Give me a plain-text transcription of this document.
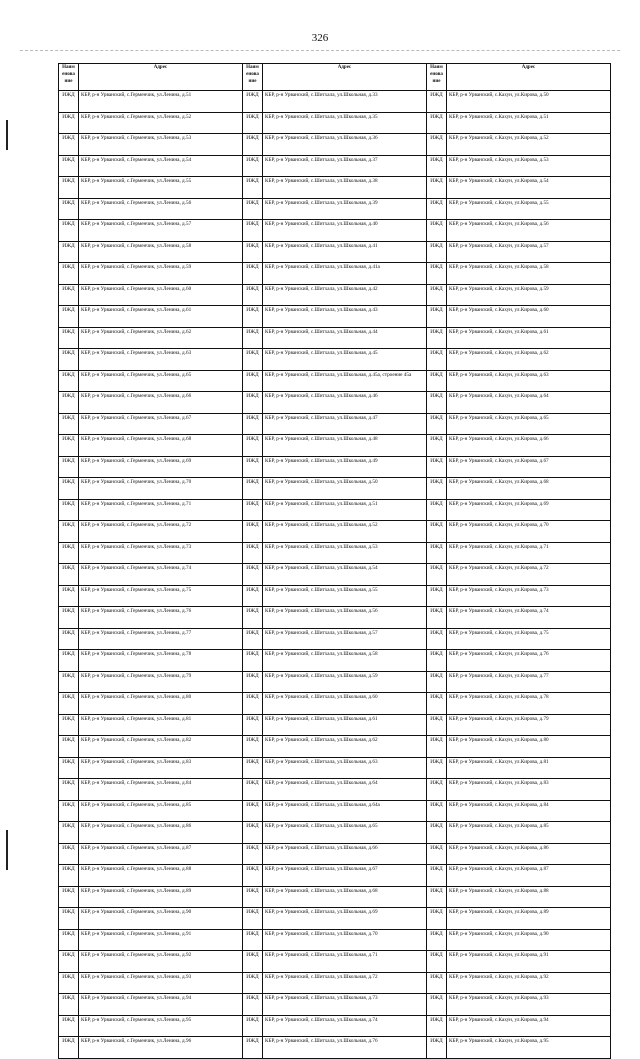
326
Наим енова ние	Адрес	Наим енова ние	Адрес	Наим енова ние	Адрес
ИЖД	КБР, р-н Урванский, с.Герменчик, ул.Ленина, д.51	ИЖД	КБР, р-н Урванский, с.Шитхала, ул.Школьная, д.33	ИЖД	КБР, р-н Урванский, с.Кахун, ул.Кирова, д.50
ИЖД	КБР, р-н Урванский, с.Герменчик, ул.Ленина, д.52	ИЖД	КБР, р-н Урванский, с.Шитхала, ул.Школьная, д.35	ИЖД	КБР, р-н Урванский, с.Кахун, ул.Кирова, д.51
ИЖД	КБР, р-н Урванский, с.Герменчик, ул.Ленина, д.53	ИЖД	КБР, р-н Урванский, с.Шитхала, ул.Школьная, д.36	ИЖД	КБР, р-н Урванский, с.Кахун, ул.Кирова, д.52
ИЖД	КБР, р-н Урванский, с.Герменчик, ул.Ленина, д.54	ИЖД	КБР, р-н Урванский, с.Шитхала, ул.Школьная, д.37	ИЖД	КБР, р-н Урванский, с.Кахун, ул.Кирова, д.53
ИЖД	КБР, р-н Урванский, с.Герменчик, ул.Ленина, д.55	ИЖД	КБР, р-н Урванский, с.Шитхала, ул.Школьная, д.38	ИЖД	КБР, р-н Урванский, с.Кахун, ул.Кирова, д.54
ИЖД	КБР, р-н Урванский, с.Герменчик, ул.Ленина, д.56	ИЖД	КБР, р-н Урванский, с.Шитхала, ул.Школьная, д.39	ИЖД	КБР, р-н Урванский, с.Кахун, ул.Кирова, д.55
ИЖД	КБР, р-н Урванский, с.Герменчик, ул.Ленина, д.57	ИЖД	КБР, р-н Урванский, с.Шитхала, ул.Школьная, д.40	ИЖД	КБР, р-н Урванский, с.Кахун, ул.Кирова, д.56
ИЖД	КБР, р-н Урванский, с.Герменчик, ул.Ленина, д.58	ИЖД	КБР, р-н Урванский, с.Шитхала, ул.Школьная, д.41	ИЖД	КБР, р-н Урванский, с.Кахун, ул.Кирова, д.57
ИЖД	КБР, р-н Урванский, с.Герменчик, ул.Ленина, д.59	ИЖД	КБР, р-н Урванский, с.Шитхала, ул.Школьная, д.41а	ИЖД	КБР, р-н Урванский, с.Кахун, ул.Кирова, д.58
ИЖД	КБР, р-н Урванский, с.Герменчик, ул.Ленина, д.60	ИЖД	КБР, р-н Урванский, с.Шитхала, ул.Школьная, д.42	ИЖД	КБР, р-н Урванский, с.Кахун, ул.Кирова, д.59
ИЖД	КБР, р-н Урванский, с.Герменчик, ул.Ленина, д.61	ИЖД	КБР, р-н Урванский, с.Шитхала, ул.Школьная, д.43	ИЖД	КБР, р-н Урванский, с.Кахун, ул.Кирова, д.60
ИЖД	КБР, р-н Урванский, с.Герменчик, ул.Ленина, д.62	ИЖД	КБР, р-н Урванский, с.Шитхала, ул.Школьная, д.44	ИЖД	КБР, р-н Урванский, с.Кахун, ул.Кирова, д.61
ИЖД	КБР, р-н Урванский, с.Герменчик, ул.Ленина, д.63	ИЖД	КБР, р-н Урванский, с.Шитхала, ул.Школьная, д.45	ИЖД	КБР, р-н Урванский, с.Кахун, ул.Кирова, д.62
ИЖД	КБР, р-н Урванский, с.Герменчик, ул.Ленина, д.65	ИЖД	КБР, р-н Урванский, с.Шитхала, ул.Школьная, д.45а, строение 45а	ИЖД	КБР, р-н Урванский, с.Кахун, ул.Кирова, д.63
ИЖД	КБР, р-н Урванский, с.Герменчик, ул.Ленина, д.66	ИЖД	КБР, р-н Урванский, с.Шитхала, ул.Школьная, д.46	ИЖД	КБР, р-н Урванский, с.Кахун, ул.Кирова, д.64
ИЖД	КБР, р-н Урванский, с.Герменчик, ул.Ленина, д.67	ИЖД	КБР, р-н Урванский, с.Шитхала, ул.Школьная, д.47	ИЖД	КБР, р-н Урванский, с.Кахун, ул.Кирова, д.65
ИЖД	КБР, р-н Урванский, с.Герменчик, ул.Ленина, д.68	ИЖД	КБР, р-н Урванский, с.Шитхала, ул.Школьная, д.48	ИЖД	КБР, р-н Урванский, с.Кахун, ул.Кирова, д.66
ИЖД	КБР, р-н Урванский, с.Герменчик, ул.Ленина, д.69	ИЖД	КБР, р-н Урванский, с.Шитхала, ул.Школьная, д.49	ИЖД	КБР, р-н Урванский, с.Кахун, ул.Кирова, д.67
ИЖД	КБР, р-н Урванский, с.Герменчик, ул.Ленина, д.70	ИЖД	КБР, р-н Урванский, с.Шитхала, ул.Школьная, д.50	ИЖД	КБР, р-н Урванский, с.Кахун, ул.Кирова, д.68
ИЖД	КБР, р-н Урванский, с.Герменчик, ул.Ленина, д.71	ИЖД	КБР, р-н Урванский, с.Шитхала, ул.Школьная, д.51	ИЖД	КБР, р-н Урванский, с.Кахун, ул.Кирова, д.69
ИЖД	КБР, р-н Урванский, с.Герменчик, ул.Ленина, д.72	ИЖД	КБР, р-н Урванский, с.Шитхала, ул.Школьная, д.52	ИЖД	КБР, р-н Урванский, с.Кахун, ул.Кирова, д.70
ИЖД	КБР, р-н Урванский, с.Герменчик, ул.Ленина, д.73	ИЖД	КБР, р-н Урванский, с.Шитхала, ул.Школьная, д.53	ИЖД	КБР, р-н Урванский, с.Кахун, ул.Кирова, д.71
ИЖД	КБР, р-н Урванский, с.Герменчик, ул.Ленина, д.74	ИЖД	КБР, р-н Урванский, с.Шитхала, ул.Школьная, д.54	ИЖД	КБР, р-н Урванский, с.Кахун, ул.Кирова, д.72
ИЖД	КБР, р-н Урванский, с.Герменчик, ул.Ленина, д.75	ИЖД	КБР, р-н Урванский, с.Шитхала, ул.Школьная, д.55	ИЖД	КБР, р-н Урванский, с.Кахун, ул.Кирова, д.73
ИЖД	КБР, р-н Урванский, с.Герменчик, ул.Ленина, д.76	ИЖД	КБР, р-н Урванский, с.Шитхала, ул.Школьная, д.56	ИЖД	КБР, р-н Урванский, с.Кахун, ул.Кирова, д.74
ИЖД	КБР, р-н Урванский, с.Герменчик, ул.Ленина, д.77	ИЖД	КБР, р-н Урванский, с.Шитхала, ул.Школьная, д.57	ИЖД	КБР, р-н Урванский, с.Кахун, ул.Кирова, д.75
ИЖД	КБР, р-н Урванский, с.Герменчик, ул.Ленина, д.78	ИЖД	КБР, р-н Урванский, с.Шитхала, ул.Школьная, д.58	ИЖД	КБР, р-н Урванский, с.Кахун, ул.Кирова, д.76
ИЖД	КБР, р-н Урванский, с.Герменчик, ул.Ленина, д.79	ИЖД	КБР, р-н Урванский, с.Шитхала, ул.Школьная, д.59	ИЖД	КБР, р-н Урванский, с.Кахун, ул.Кирова, д.77
ИЖД	КБР, р-н Урванский, с.Герменчик, ул.Ленина, д.80	ИЖД	КБР, р-н Урванский, с.Шитхала, ул.Школьная, д.60	ИЖД	КБР, р-н Урванский, с.Кахун, ул.Кирова, д.78
ИЖД	КБР, р-н Урванский, с.Герменчик, ул.Ленина, д.81	ИЖД	КБР, р-н Урванский, с.Шитхала, ул.Школьная, д.61	ИЖД	КБР, р-н Урванский, с.Кахун, ул.Кирова, д.79
ИЖД	КБР, р-н Урванский, с.Герменчик, ул.Ленина, д.82	ИЖД	КБР, р-н Урванский, с.Шитхала, ул.Школьная, д.62	ИЖД	КБР, р-н Урванский, с.Кахун, ул.Кирова, д.80
ИЖД	КБР, р-н Урванский, с.Герменчик, ул.Ленина, д.83	ИЖД	КБР, р-н Урванский, с.Шитхала, ул.Школьная, д.63	ИЖД	КБР, р-н Урванский, с.Кахун, ул.Кирова, д.81
ИЖД	КБР, р-н Урванский, с.Герменчик, ул.Ленина, д.84	ИЖД	КБР, р-н Урванский, с.Шитхала, ул.Школьная, д.64	ИЖД	КБР, р-н Урванский, с.Кахун, ул.Кирова, д.83
ИЖД	КБР, р-н Урванский, с.Герменчик, ул.Ленина, д.85	ИЖД	КБР, р-н Урванский, с.Шитхала, ул.Школьная, д.64а	ИЖД	КБР, р-н Урванский, с.Кахун, ул.Кирова, д.84
ИЖД	КБР, р-н Урванский, с.Герменчик, ул.Ленина, д.86	ИЖД	КБР, р-н Урванский, с.Шитхала, ул.Школьная, д.65	ИЖД	КБР, р-н Урванский, с.Кахун, ул.Кирова, д.85
ИЖД	КБР, р-н Урванский, с.Герменчик, ул.Ленина, д.87	ИЖД	КБР, р-н Урванский, с.Шитхала, ул.Школьная, д.66	ИЖД	КБР, р-н Урванский, с.Кахун, ул.Кирова, д.86
ИЖД	КБР, р-н Урванский, с.Герменчик, ул.Ленина, д.88	ИЖД	КБР, р-н Урванский, с.Шитхала, ул.Школьная, д.67	ИЖД	КБР, р-н Урванский, с.Кахун, ул.Кирова, д.87
ИЖД	КБР, р-н Урванский, с.Герменчик, ул.Ленина, д.89	ИЖД	КБР, р-н Урванский, с.Шитхала, ул.Школьная, д.68	ИЖД	КБР, р-н Урванский, с.Кахун, ул.Кирова, д.88
ИЖД	КБР, р-н Урванский, с.Герменчик, ул.Ленина, д.90	ИЖД	КБР, р-н Урванский, с.Шитхала, ул.Школьная, д.69	ИЖД	КБР, р-н Урванский, с.Кахун, ул.Кирова, д.89
ИЖД	КБР, р-н Урванский, с.Герменчик, ул.Ленина, д.91	ИЖД	КБР, р-н Урванский, с.Шитхала, ул.Школьная, д.70	ИЖД	КБР, р-н Урванский, с.Кахун, ул.Кирова, д.90
ИЖД	КБР, р-н Урванский, с.Герменчик, ул.Ленина, д.92	ИЖД	КБР, р-н Урванский, с.Шитхала, ул.Школьная, д.71	ИЖД	КБР, р-н Урванский, с.Кахун, ул.Кирова, д.91
ИЖД	КБР, р-н Урванский, с.Герменчик, ул.Ленина, д.93	ИЖД	КБР, р-н Урванский, с.Шитхала, ул.Школьная, д.72	ИЖД	КБР, р-н Урванский, с.Кахун, ул.Кирова, д.92
ИЖД	КБР, р-н Урванский, с.Герменчик, ул.Ленина, д.94	ИЖД	КБР, р-н Урванский, с.Шитхала, ул.Школьная, д.73	ИЖД	КБР, р-н Урванский, с.Кахун, ул.Кирова, д.93
ИЖД	КБР, р-н Урванский, с.Герменчик, ул.Ленина, д.95	ИЖД	КБР, р-н Урванский, с.Шитхала, ул.Школьная, д.74	ИЖД	КБР, р-н Урванский, с.Кахун, ул.Кирова, д.94
ИЖД	КБР, р-н Урванский, с.Герменчик, ул.Ленина, д.96	ИЖД	КБР, р-н Урванский, с.Шитхала, ул.Школьная, д.76	ИЖД	КБР, р-н Урванский, с.Кахун, ул.Кирова, д.95
